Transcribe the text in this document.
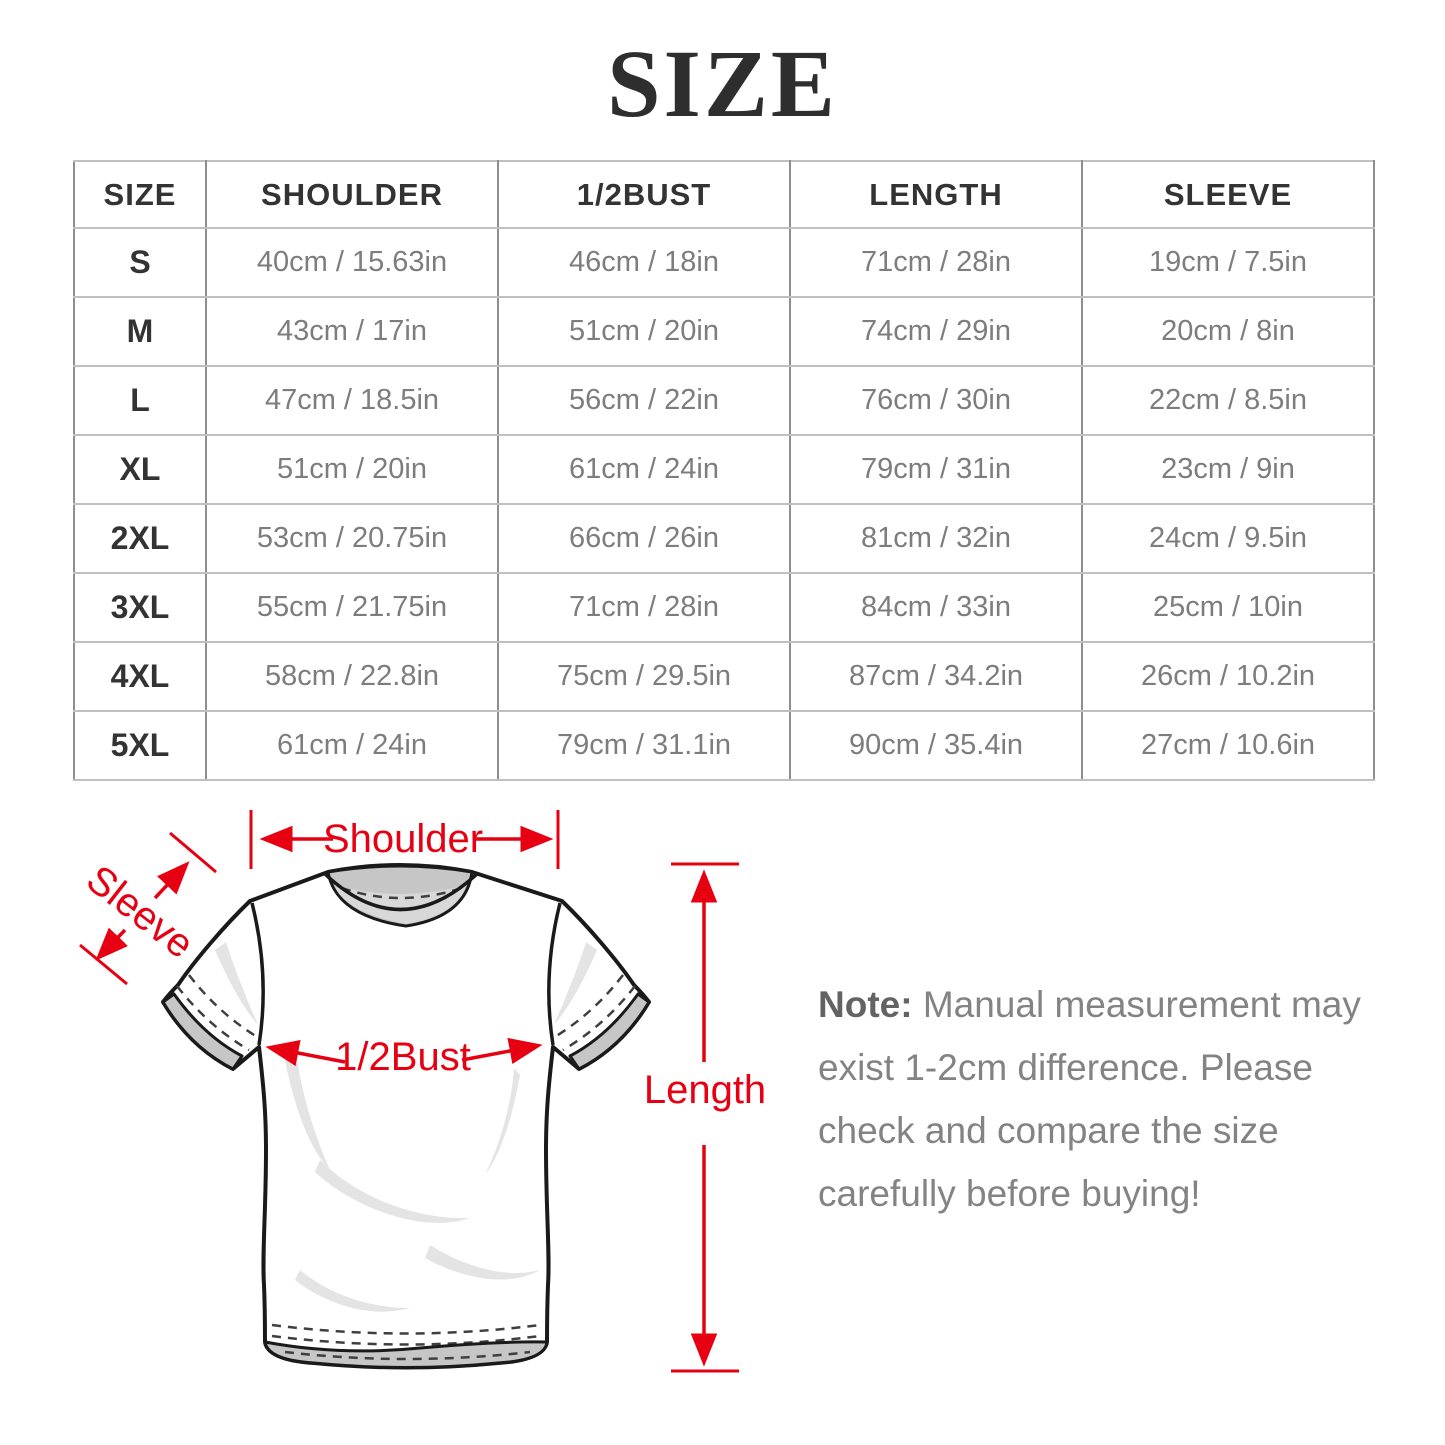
SIZE
SIZE	SHOULDER	1/2BUST	LENGTH	SLEEVE
S	40cm / 15.63in	46cm / 18in	71cm / 28in	19cm / 7.5in
M	43cm / 17in	51cm / 20in	74cm / 29in	20cm / 8in
L	47cm / 18.5in	56cm / 22in	76cm / 30in	22cm / 8.5in
XL	51cm / 20in	61cm / 24in	79cm / 31in	23cm / 9in
2XL	53cm / 20.75in	66cm / 26in	81cm / 32in	24cm / 9.5in
3XL	55cm / 21.75in	71cm / 28in	84cm / 33in	25cm / 10in
4XL	58cm / 22.8in	75cm / 29.5in	87cm / 34.2in	26cm / 10.2in
5XL	61cm / 24in	79cm / 31.1in	90cm / 35.4in	27cm / 10.6in
Shoulder
Sleeve
1/2Bust
Length

Note: Manual measurement may exist 1-2cm difference. Please check and compare the size carefully before buying!
